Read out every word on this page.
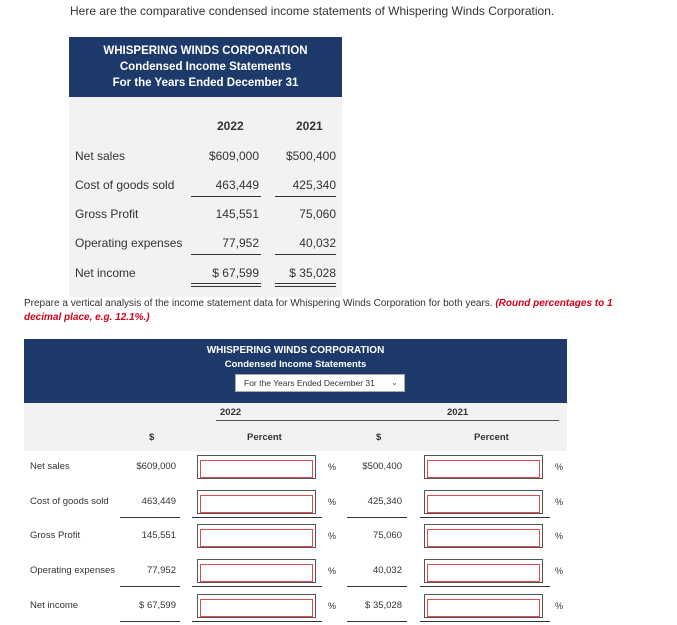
Here are the comparative condensed income statements of Whispering Winds Corporation.
WHISPERING WINDS CORPORATION
Condensed Income Statements
For the Years Ended December 31
2022	2021
Net sales	$609,000	$500,400
Cost of goods sold	463,449	425,340
Gross Profit	145,551	75,060
Operating expenses	77,952	40,032
Net income	$ 67,599	$ 35,028
Prepare a vertical analysis of the income statement data for Whispering Winds Corporation for both years. (Round percentages to 1 decimal place, e.g. 12.1%.)
WHISPERING WINDS CORPORATION
Condensed Income Statements
For the Years Ended December 31 ⌄
2022	2021
$	Percent	$	Percent
Net sales	$609,000	%	$500,400	%
Cost of goods sold	463,449	%	425,340	%
Gross Profit	145,551	%	75,060	%
Operating expenses	77,952	%	40,032	%
Net income	$ 67,599	%	$ 35,028	%
